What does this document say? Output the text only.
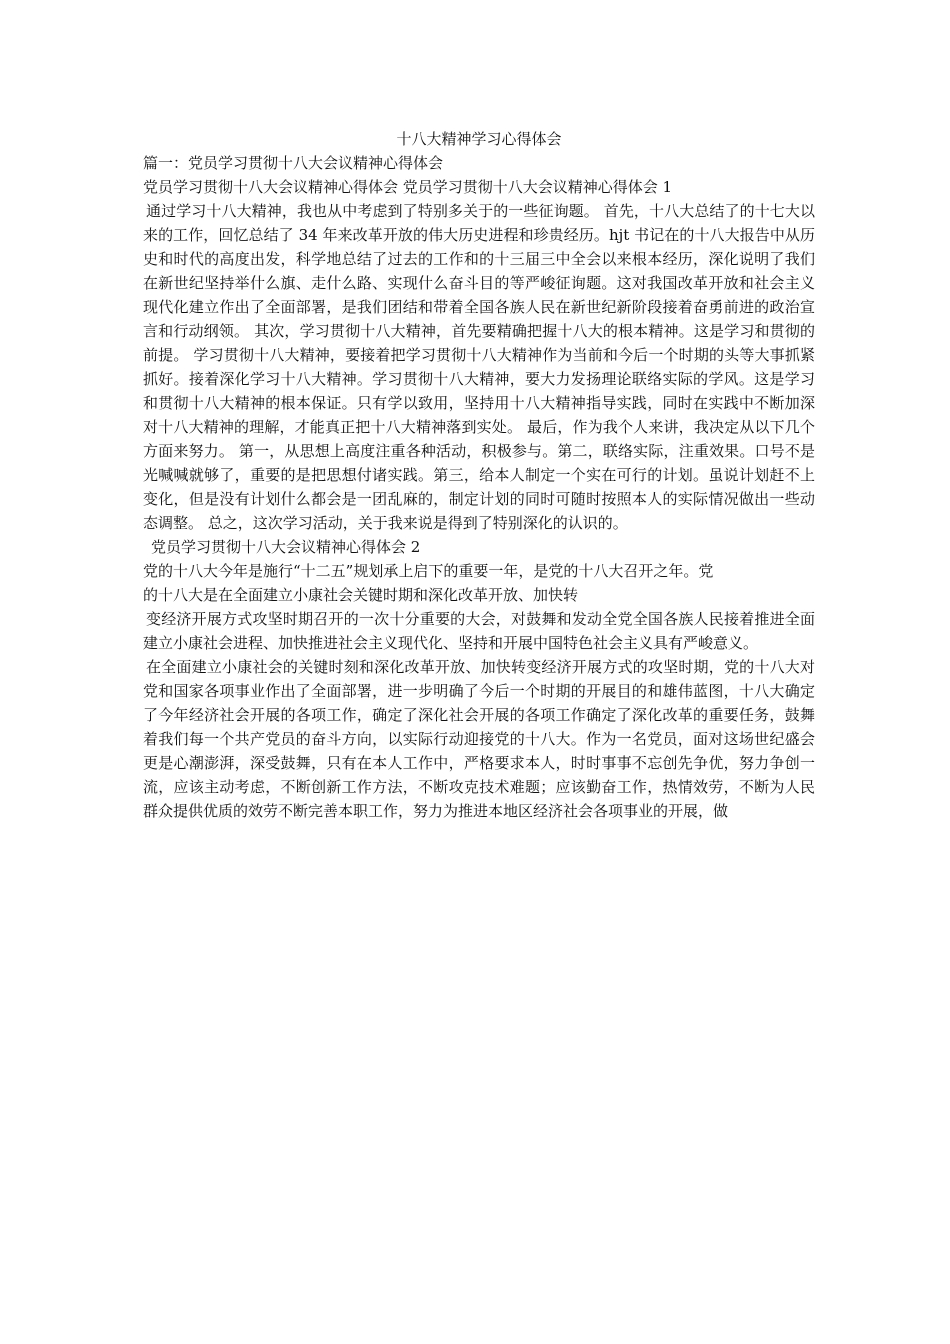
十八大精神学习心得体会

篇一：党员学习贯彻十八大会议精神心得体会

党员学习贯彻十八大会议精神心得体会 党员学习贯彻十八大会议精神心得体会 1

通过学习十八大精神，我也从中考虑到了特别多关于的一些征询题。 首先，十八大总结了的十七大以来的工作，回忆总结了 34 年来改革开放的伟大历史进程和珍贵经历。hjt 书记在的十八大报告中从历史和时代的高度出发，科学地总结了过去的工作和的十三届三中全会以来根本经历，深化说明了我们在新世纪坚持举什么旗、走什么路、实现什么奋斗目的等严峻征询题。这对我国改革开放和社会主义现代化建立作出了全面部署，是我们团结和带着全国各族人民在新世纪新阶段接着奋勇前进的政治宣言和行动纲领。 其次，学习贯彻十八大精神，首先要精确把握十八大的根本精神。这是学习和贯彻的前提。 学习贯彻十八大精神，要接着把学习贯彻十八大精神作为当前和今后一个时期的头等大事抓紧抓好。接着深化学习十八大精神。学习贯彻十八大精神，要大力发扬理论联络实际的学风。这是学习和贯彻十八大精神的根本保证。只有学以致用，坚持用十八大精神指导实践，同时在实践中不断加深对十八大精神的理解，才能真正把十八大精神落到实处。 最后，作为我个人来讲，我决定从以下几个方面来努力。 第一，从思想上高度注重各种活动，积极参与。第二，联络实际，注重效果。口号不是光喊喊就够了，重要的是把思想付诸实践。第三，给本人制定一个实在可行的计划。虽说计划赶不上变化，但是没有计划什么都会是一团乱麻的，制定计划的同时可随时按照本人的实际情况做出一些动态调整。 总之，这次学习活动，关于我来说是得到了特别深化的认识的。

党员学习贯彻十八大会议精神心得体会 2

党的十八大今年是施行“十二五”规划承上启下的重要一年，是党的十八大召开之年。党

的十八大是在全面建立小康社会关键时期和深化改革开放、加快转

变经济开展方式攻坚时期召开的一次十分重要的大会，对鼓舞和发动全党全国各族人民接着推进全面建立小康社会进程、加快推进社会主义现代化、坚持和开展中国特色社会主义具有严峻意义。

在全面建立小康社会的关键时刻和深化改革开放、加快转变经济开展方式的攻坚时期，党的十八大对党和国家各项事业作出了全面部署，进一步明确了今后一个时期的开展目的和雄伟蓝图，十八大确定了今年经济社会开展的各项工作，确定了深化社会开展的各项工作确定了深化改革的重要任务，鼓舞着我们每一个共产党员的奋斗方向，以实际行动迎接党的十八大。作为一名党员，面对这场世纪盛会更是心潮澎湃，深受鼓舞，只有在本人工作中，严格要求本人，时时事事不忘创先争优，努力争创一流，应该主动考虑，不断创新工作方法，不断攻克技术难题；应该勤奋工作，热情效劳，不断为人民群众提供优质的效劳不断完善本职工作，努力为推进本地区经济社会各项事业的开展，做
